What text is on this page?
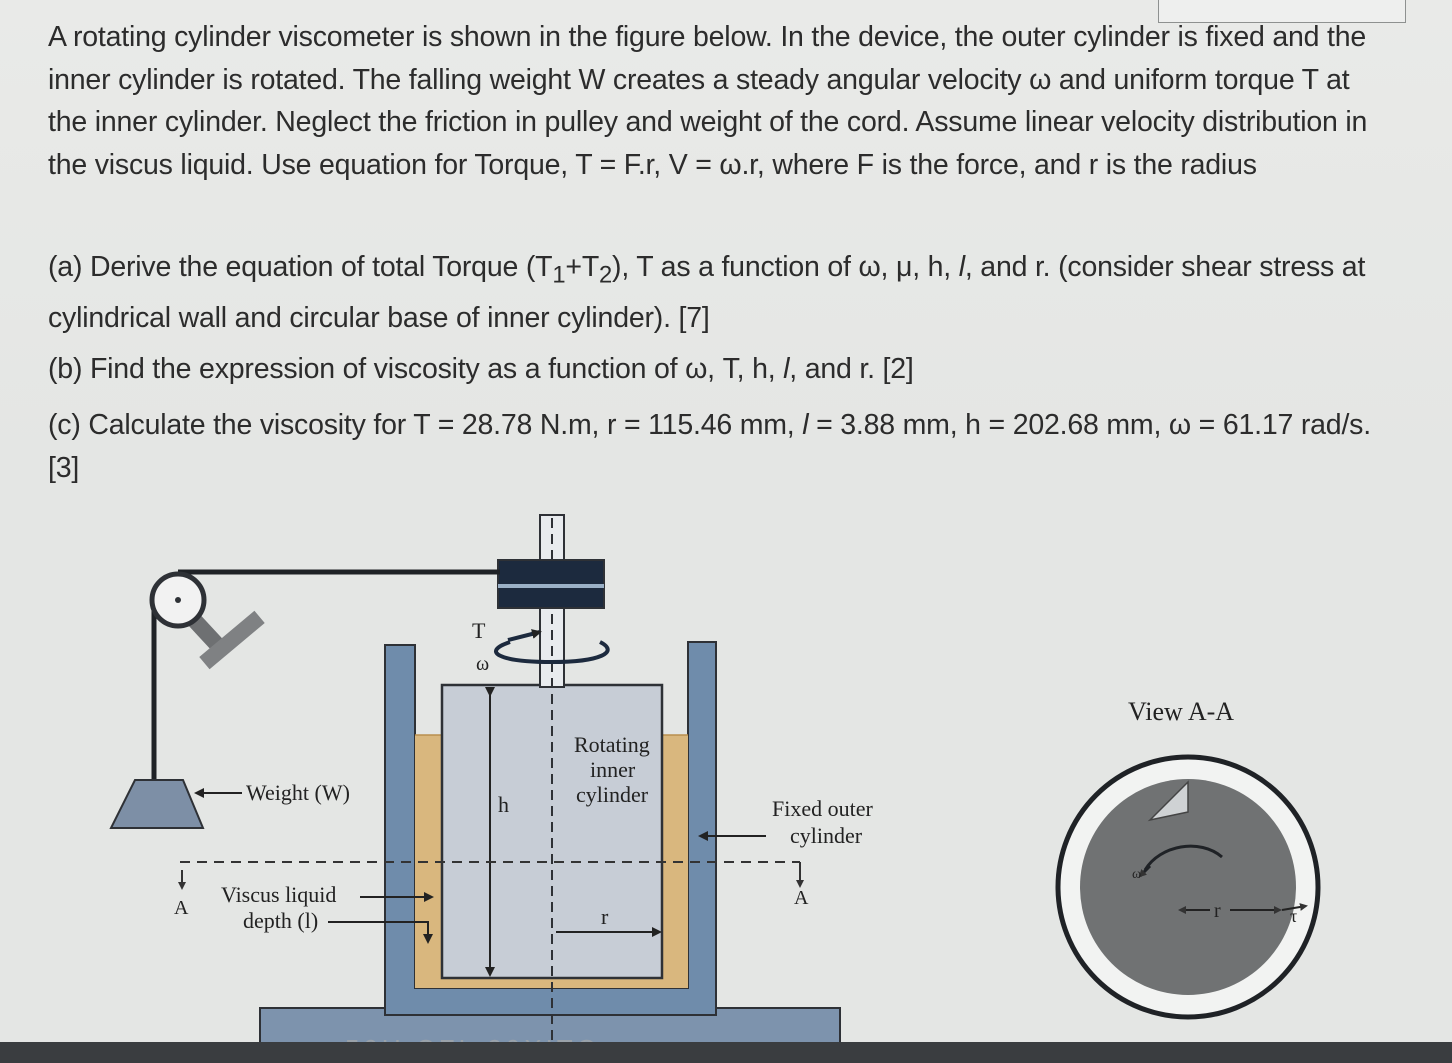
A rotating cylinder viscometer is shown in the figure below. In the device, the outer cylinder is fixed and the inner cylinder is rotated. The falling weight W creates a steady angular velocity ω and uniform torque T at the inner cylinder. Neglect the friction in pulley and weight of the cord. Assume linear velocity distribution in the viscus liquid. Use equation for Torque, T = F.r, V = ω.r, where F is the force, and r is the radius

(a) Derive the equation of total Torque $(T_1+T_2)$, T as a function of ω, μ, h, l, and r. (consider shear stress at cylindrical wall and circular base of inner cylinder). [7]

(b) Find the expression of viscosity as a function of ω, T, h, l, and r. [2]

(c) Calculate the viscosity for T = 28.78 N.m, r = 115.46 mm, l = 3.88 mm, h = 202.68 mm, ω = 61.17 rad/s. [3]

T
ω
Rotating
inner
cylinder
Weight (W)	h	Fixed outer
cylinder
Viscus liquid
depth (l)
A	A
r
View A-A
ω
r	τ
